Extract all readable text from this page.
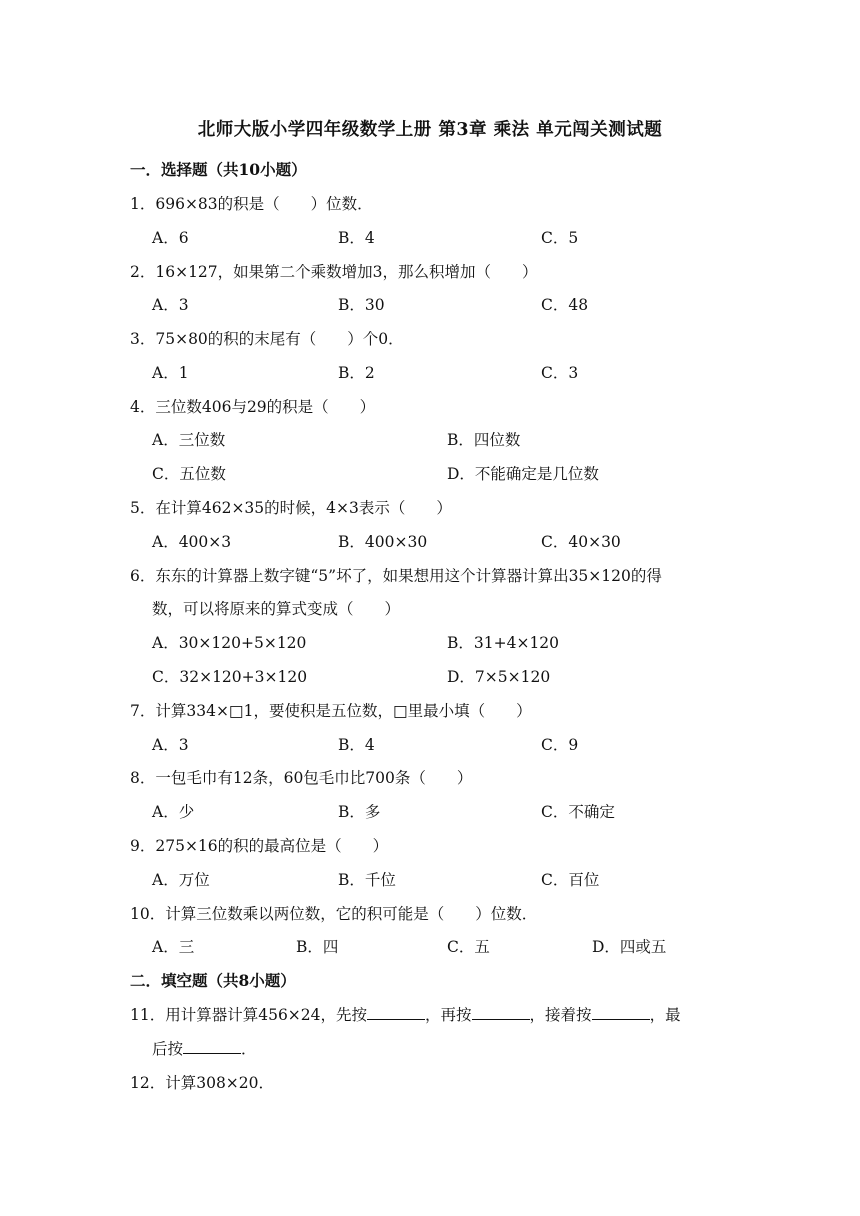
北师大版小学四年级数学上册 第3章 乘法 单元闯关测试题
一．选择题（共10小题）
1．696×83的积是（　　）位数．
A．6	B．4	C．5
2．16×127，如果第二个乘数增加3，那么积增加（　　）
A．3	B．30	C．48
3．75×80的积的末尾有（　　）个0．
A．1	B．2	C．3
4．三位数406与29的积是（　　）
A．三位数	B．四位数
C．五位数	D．不能确定是几位数
5．在计算462×35的时候，4×3表示（　　）
A．400×3	B．400×30	C．40×30
6．东东的计算器上数字键“5”坏了，如果想用这个计算器计算出35×120的得
数，可以将原来的算式变成（　　）
A．30×120+5×120	B．31+4×120
C．32×120+3×120	D．7×5×120
7．计算334×□1，要使积是五位数，□里最小填（　　）
A．3	B．4	C．9
8．一包毛巾有12条，60包毛巾比700条（　　）
A．少	B．多	C．不确定
9．275×16的积的最高位是（　　）
A．万位	B．千位	C．百位
10．计算三位数乘以两位数，它的积可能是（　　）位数．
A．三	B．四	C．五	D．四或五
二．填空题（共8小题）
11．用计算器计算456×24，先按	，再按	，接着按	，最
后按	．
12．计算308×20．
